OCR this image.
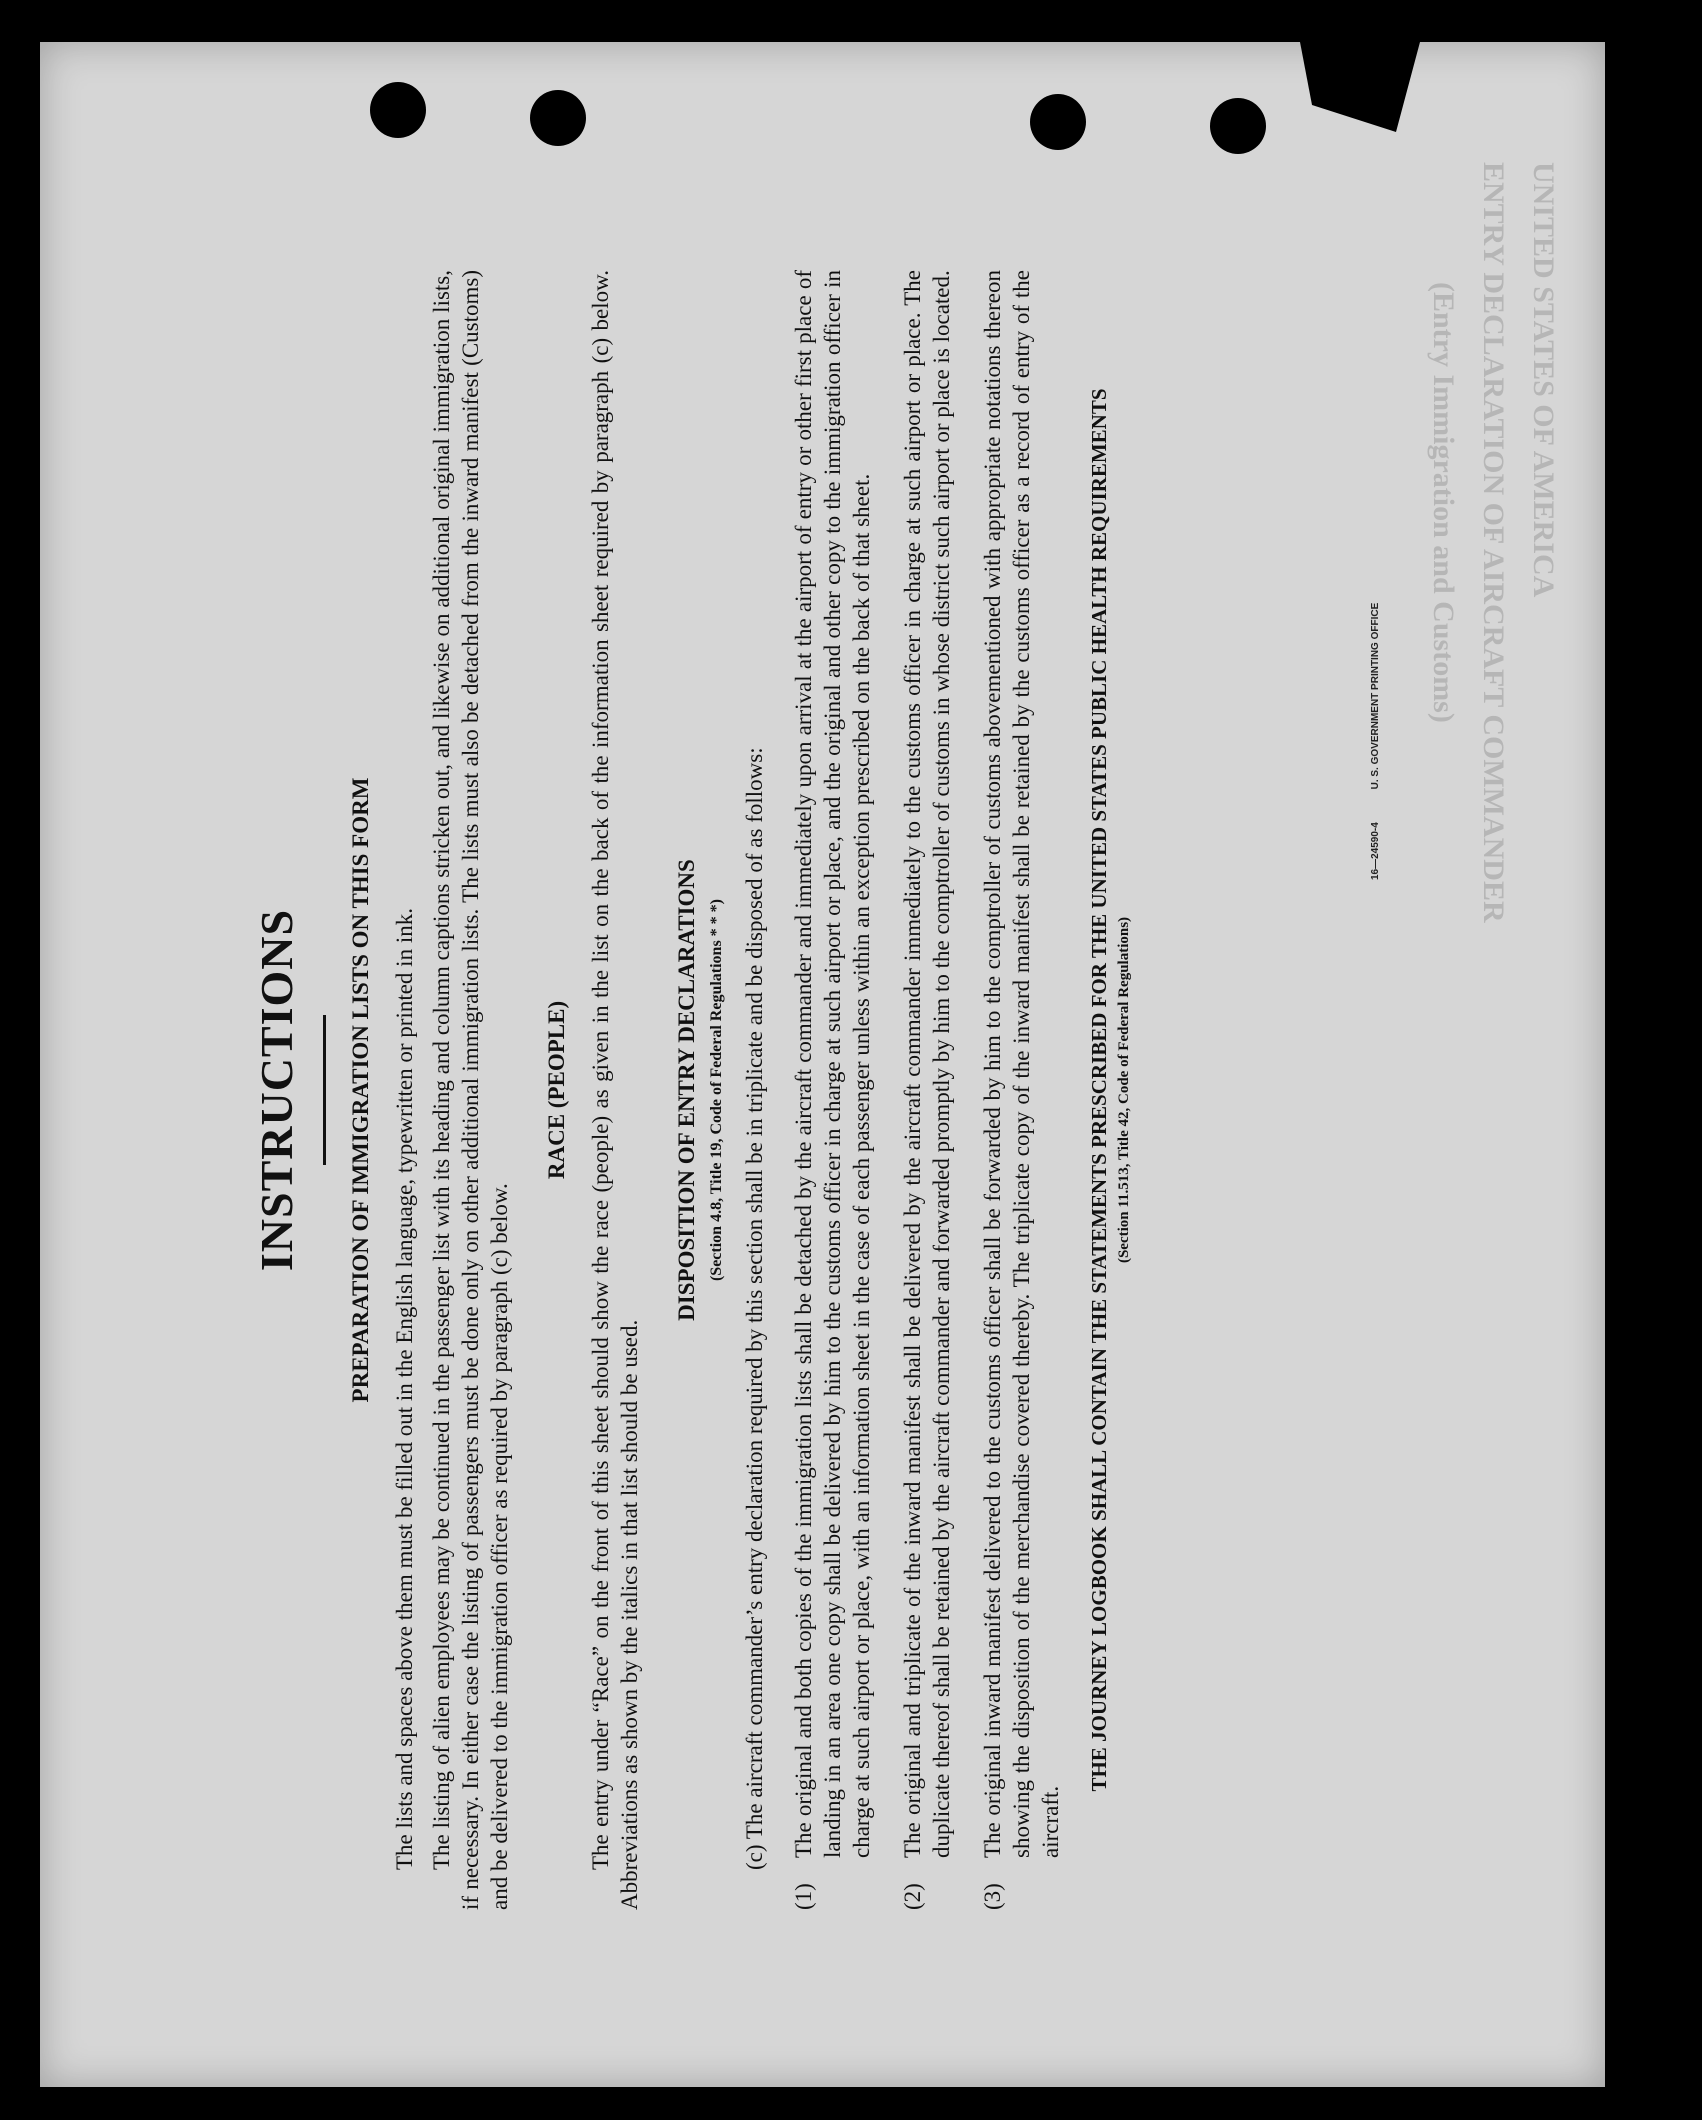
UNITED STATES OF AMERICA
ENTRY DECLARATION OF AIRCRAFT COMMANDER
(Entry Immigration and Customs)
INSTRUCTIONS PREPARATION OF IMMIGRATION LISTS ON THIS FORM The lists and spaces above them must be filled out in the English language, typewritten or printed in ink. The listing of alien employees may be continued in the passenger list with its heading and column captions stricken out, and likewise on additional original immigration lists, if necessary. In either case the listing of passengers must be done only on other additional immigration lists. The lists must also be detached from the inward manifest (Customs) and be delivered to the immigration officer as required by paragraph (c) below.

RACE (PEOPLE) The entry under “Race” on the front of this sheet should show the race (people) as given in the list on the back of the information sheet required by paragraph (c) below. Abbreviations as shown by the italics in that list should be used.

DISPOSITION OF ENTRY DECLARATIONS (Section 4.8, Title 19, Code of Federal Regulations * * *) (c) The aircraft commander’s entry declaration required by this section shall be in triplicate and be disposed of as follows:

(1)
The original and both copies of the immigration lists shall be detached by the aircraft commander and immediately upon arrival at the airport of entry or other first place of landing in an area one copy shall be delivered by him to the customs officer in charge at such airport or place, and the original and other copy to the immigration officer in charge at such airport or place, with an information sheet in the case of each passenger unless within an exception prescribed on the back of that sheet.
(2)
The original and triplicate of the inward manifest shall be delivered by the aircraft commander immediately to the customs officer in charge at such airport or place. The duplicate thereof shall be retained by the aircraft commander and forwarded promptly by him to the comptroller of customs in whose district such airport or place is located.
(3)
The original inward manifest delivered to the customs officer shall be forwarded by him to the comptroller of customs abovementioned with appropriate notations thereon showing the disposition of the merchandise covered thereby. The triplicate copy of the inward manifest shall be retained by the customs officer as a record of entry of the aircraft.
THE JOURNEY LOGBOOK SHALL CONTAIN THE STATEMENTS PRESCRIBED FOR THE UNITED STATES PUBLIC HEALTH REQUIREMENTS (Section 11.513, Title 42, Code of Federal Regulations)
16—24590-4 U. S. GOVERNMENT PRINTING OFFICE
